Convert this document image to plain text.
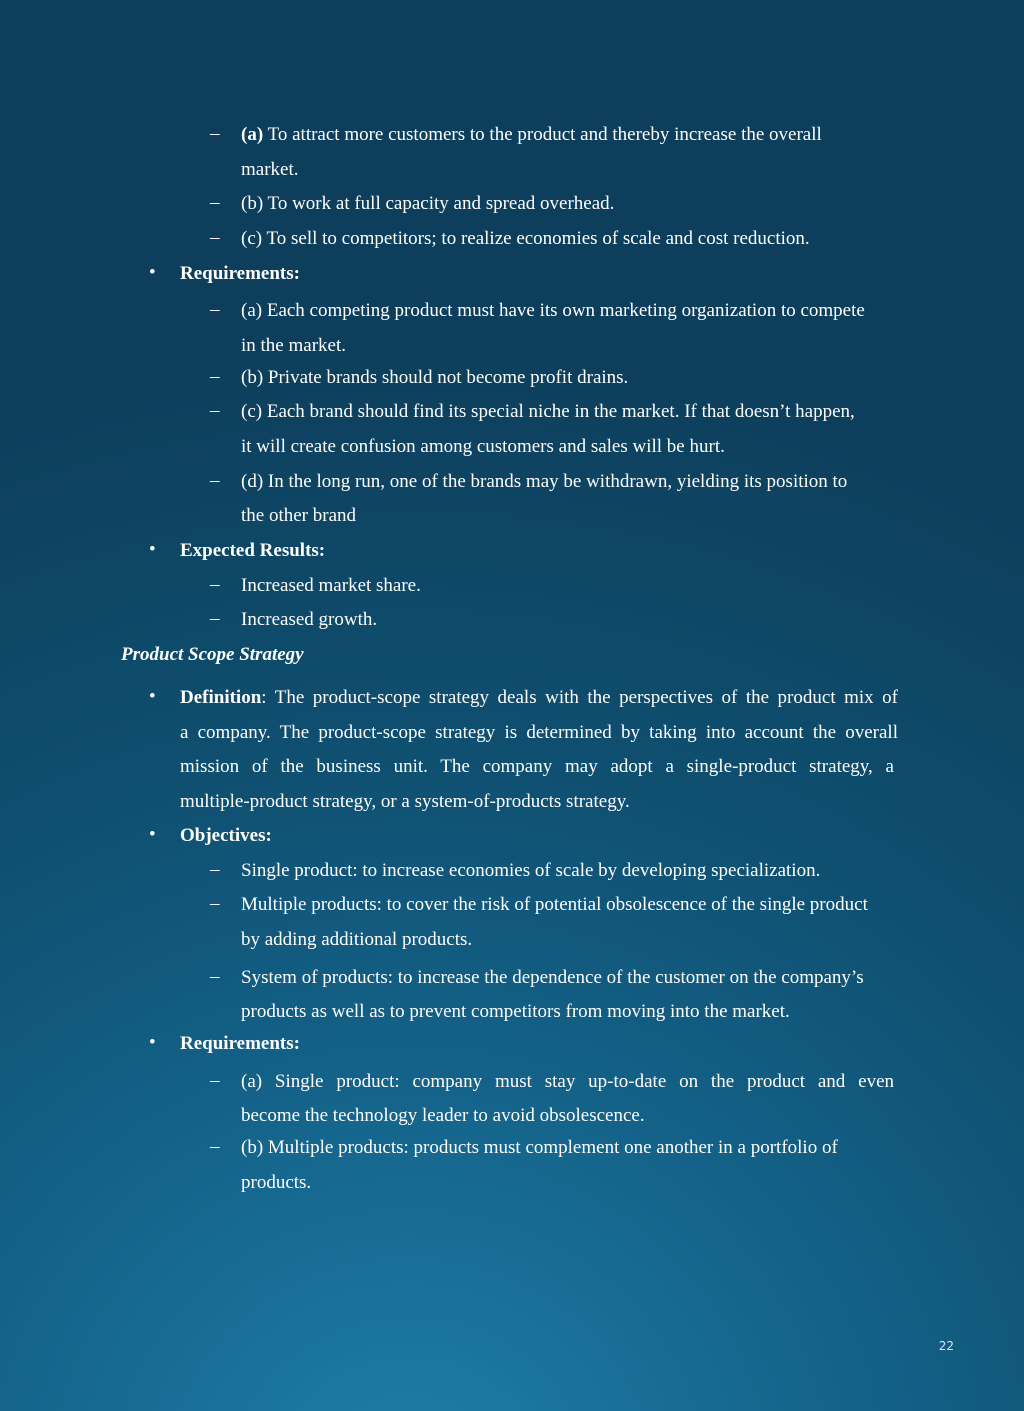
– (a) To attract more customers to the product and thereby increase the overall
market.
– (b) To work at full capacity and spread overhead.
– (c) To sell to competitors; to realize economies of scale and cost reduction.
• Requirements:
– (a) Each competing product must have its own marketing organization to compete
in the market.
– (b) Private brands should not become profit drains.
– (c) Each brand should find its special niche in the market. If that doesn’t happen,
it will create confusion among customers and sales will be hurt.
– (d) In the long run, one of the brands may be withdrawn, yielding its position to
the other brand
• Expected Results:
– Increased market share.
– Increased growth.
Product Scope Strategy
• Definition: The product-scope strategy deals with the perspectives of the product mix of
a company. The product-scope strategy is determined by taking into account the overall
mission of the business unit. The company may adopt a single-product strategy, a
multiple-product strategy, or a system-of-products strategy.
• Objectives:
– Single product: to increase economies of scale by developing specialization.
– Multiple products: to cover the risk of potential obsolescence of the single product
by adding additional products.
– System of products: to increase the dependence of the customer on the company’s
products as well as to prevent competitors from moving into the market.
• Requirements:
– (a) Single product: company must stay up-to-date on the product and even
become the technology leader to avoid obsolescence.
– (b) Multiple products: products must complement one another in a portfolio of
products.
22
